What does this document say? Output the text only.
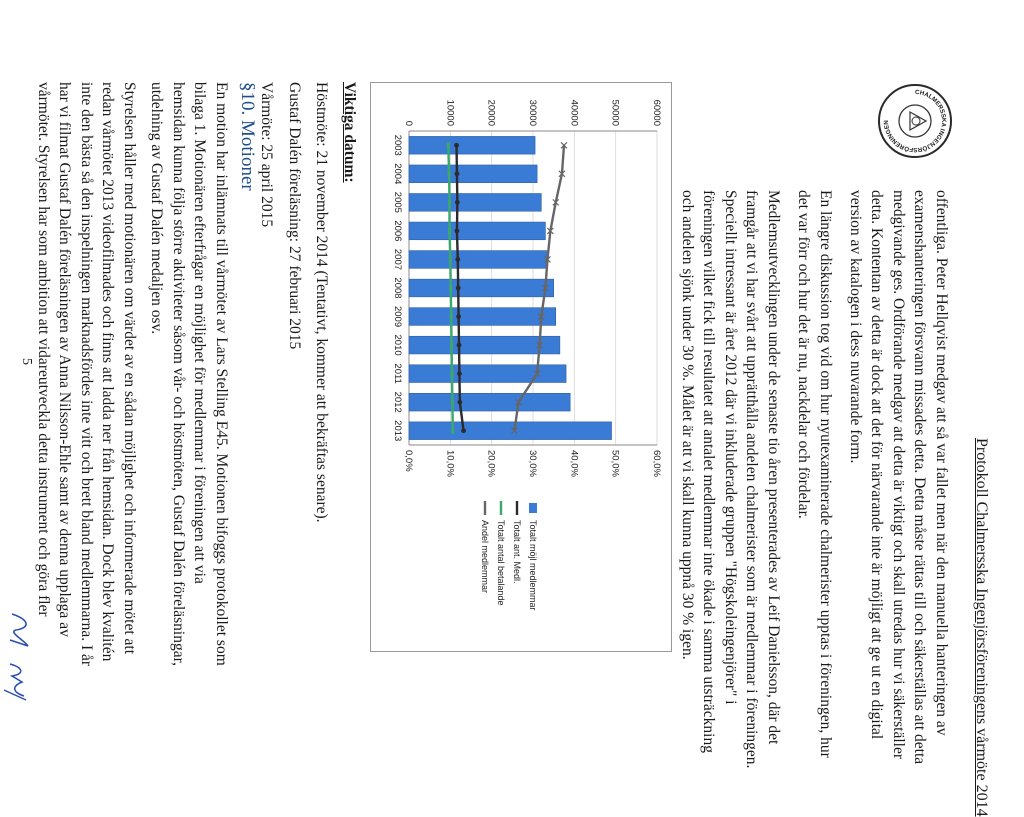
Protokoll Chalmersska Ingenjörsföreningens vårmöte 2014
CHALMERSSKA INGENJÖRSFÖRENINGEN
offentliga. Peter Hellqvist medgav att så var fallet men när den manuella hanteringen av
examenshanteringen försvann missades detta. Detta måste rättas till och säkerställas att detta
medgivande ges. Ordförande medgav att detta är viktigt och skall utredas hur vi säkerställer
detta. Kontentan av detta är dock att det för närvarande inte är möjligt att ge ut en digital
version av katalogen i dess nuvarande form.
En längre diskussion tog vid om hur nyutexaminerade chalmerister upptas i föreningen, hur
det var förr och hur det är nu, nackdelar och fördelar.
Medlemsutvecklingen under de senaste tio åren presenterades av Leif Danielsson, där det
framgår att vi har svårt att upprätthålla andelen chalmerister som är medlemmar i föreningen.
Speciellt intressant är året 2012 där vi inkluderade gruppen "Högskoleingenjörer" i
föreningen vilket fick till resultatet att antalet medlemmar inte ökade i samma utsträckning
och andelen sjönk under 30 %. Målet är att vi skall kunna uppnå 30 % igen.
0	10000	20000	30000	40000	50000	60000
0,0%	10,0%	20,0%	30,0%	40,0%	50,0%	60,0%
2003
2004
2005
2006
2007
2008
2009
2010
2011
2012
2013
Totalt möjl medlemmar
Totalt ant. Medl.
Totalt antal betalande
Andel medlemmar
Viktiga datum:
Höstmöte: 21 november 2014 (Tentativt, kommer att bekräftas senare).
Gustaf Dalén föreläsning: 27 februari 2015
Vårmöte: 25 april 2015
§10. Motioner
En motion har inlämnats till vårmötet av Lars Stelling E45. Motionen bifoggs protokollet som
bilaga 1. Motionären efterfrågar en möjlighet för medlemmar i föreningen att via
hemsidan kunna följa större aktiviteter såsom vår- och höstmöten, Gustaf Dalén föreläsningar,
utdelning av Gustaf Dalén medaljen osv.
Styrelsen håller med motionären om värdet av en sådan möjlighet och informerade mötet att
redan vårmötet 2013 videofilmades och finns att ladda ner från hemsidan. Dock blev kvalitén
inte den bästa så den inspelningen marknadsfördes inte vitt och brett bland medlemmarna. I år
har vi filmat Gustaf Dalén föreläsningen av Anna Nilsson-Ehle samt av denna upplaga av
vårmötet. Styrelsen har som ambition att vidareutveckla detta instrument och göra fler
5
